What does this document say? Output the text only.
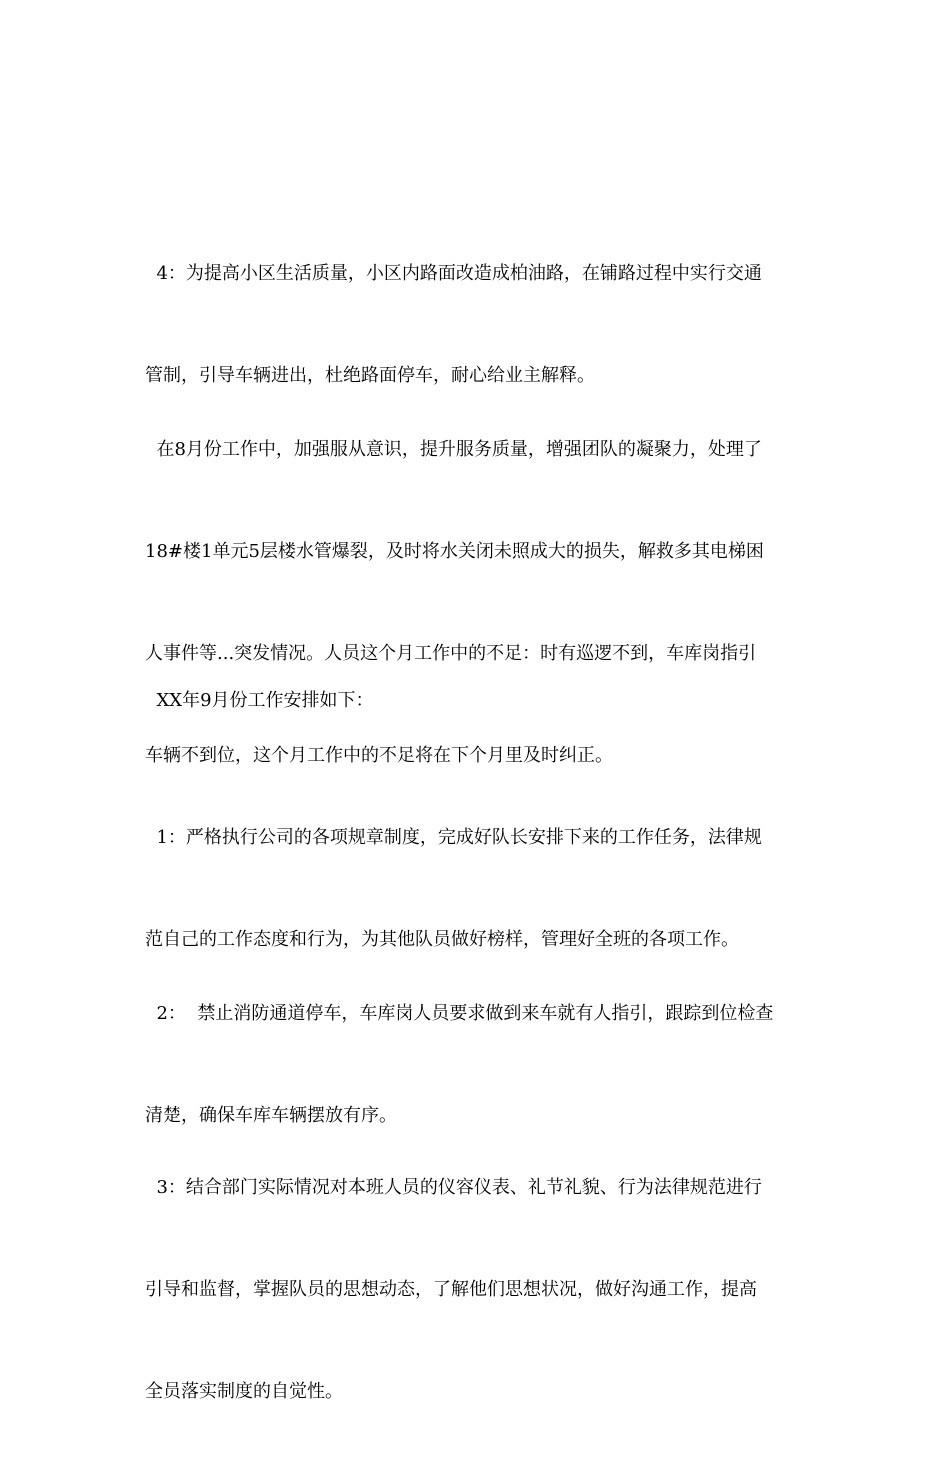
4：为提高小区生活质量，小区内路面改造成柏油路，在铺路过程中实行交通

管制，引导车辆进出，杜绝路面停车，耐心给业主解释。

在8月份工作中，加强服从意识，提升服务质量，增强团队的凝聚力，处理了

18#楼1单元5层楼水管爆裂，及时将水关闭未照成大的损失，解救多其电梯困

人事件等...突发情况。人员这个月工作中的不足：时有巡逻不到，车库岗指引

车辆不到位，这个月工作中的不足将在下个月里及时纠正。

XX年9月份工作安排如下：

1：严格执行公司的各项规章制度，完成好队长安排下来的工作任务，法律规

范自己的工作态度和行为，为其他队员做好榜样，管理好全班的各项工作。

2：  禁止消防通道停车，车库岗人员要求做到来车就有人指引，跟踪到位检查

清楚，确保车库车辆摆放有序。

3：结合部门实际情况对本班人员的仪容仪表、礼节礼貌、行为法律规范进行

引导和监督，掌握队员的思想动态，了解他们思想状况，做好沟通工作，提高

全员落实制度的自觉性。
